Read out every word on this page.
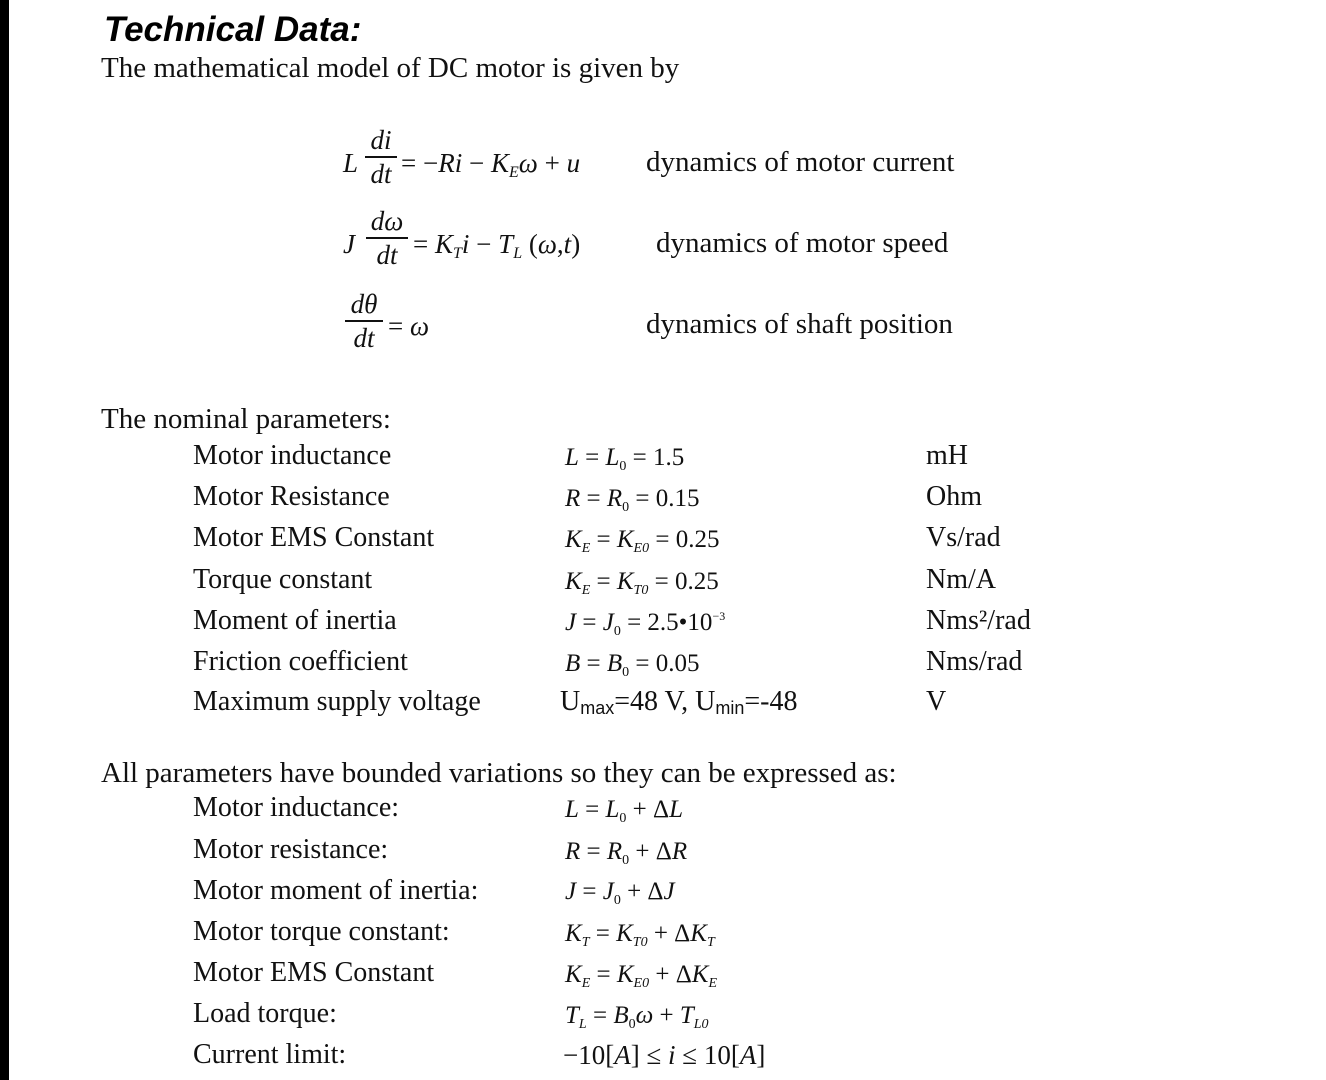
Technical Data:
The mathematical model of DC motor is given by
L
di
dt = $-Ri - K_E\omega + u$ dynamics of motor current
J
dω
dt = $K_Ti - T_L$ (ω,t)	dynamics of motor speed
dθ
dt = ω	dynamics of shaft position
The nominal parameters:
Motor inductance	$L = L_0 = 1.5$	mH
Motor Resistance	$R = R_0 = 0.15$	Ohm
Motor EMS Constant	$K_E = K_{E0} = 0.25$	Vs/rad
Torque constant	$K_E = K_{T0} = 0.25$	Nm/A
Moment of inertia	$J = J_0$ = $2.5•10^{-3}$	Nms²/rad
Friction coefficient	$B = B_0 = 0.05$	Nms/rad
Maximum supply voltage	$U_{max}=48$ V, $U_{min}=-48$	V
All parameters have bounded variations so they can be expressed as:
Motor inductance:	$L = L_0 + \Delta L$
Motor resistance:	$R = R_0 + \Delta R$
Motor moment of inertia:	$J = J_0 + \Delta J$
Motor torque constant:	$K_T = K_{T0} + \Delta K_T$
Motor EMS Constant	$K_E = K_{E0} + \Delta K_E$
Load torque:	$T_L = B_0\omega + T_{L0}$
Current limit:	−10[A] ≤ i ≤ 10[A]
